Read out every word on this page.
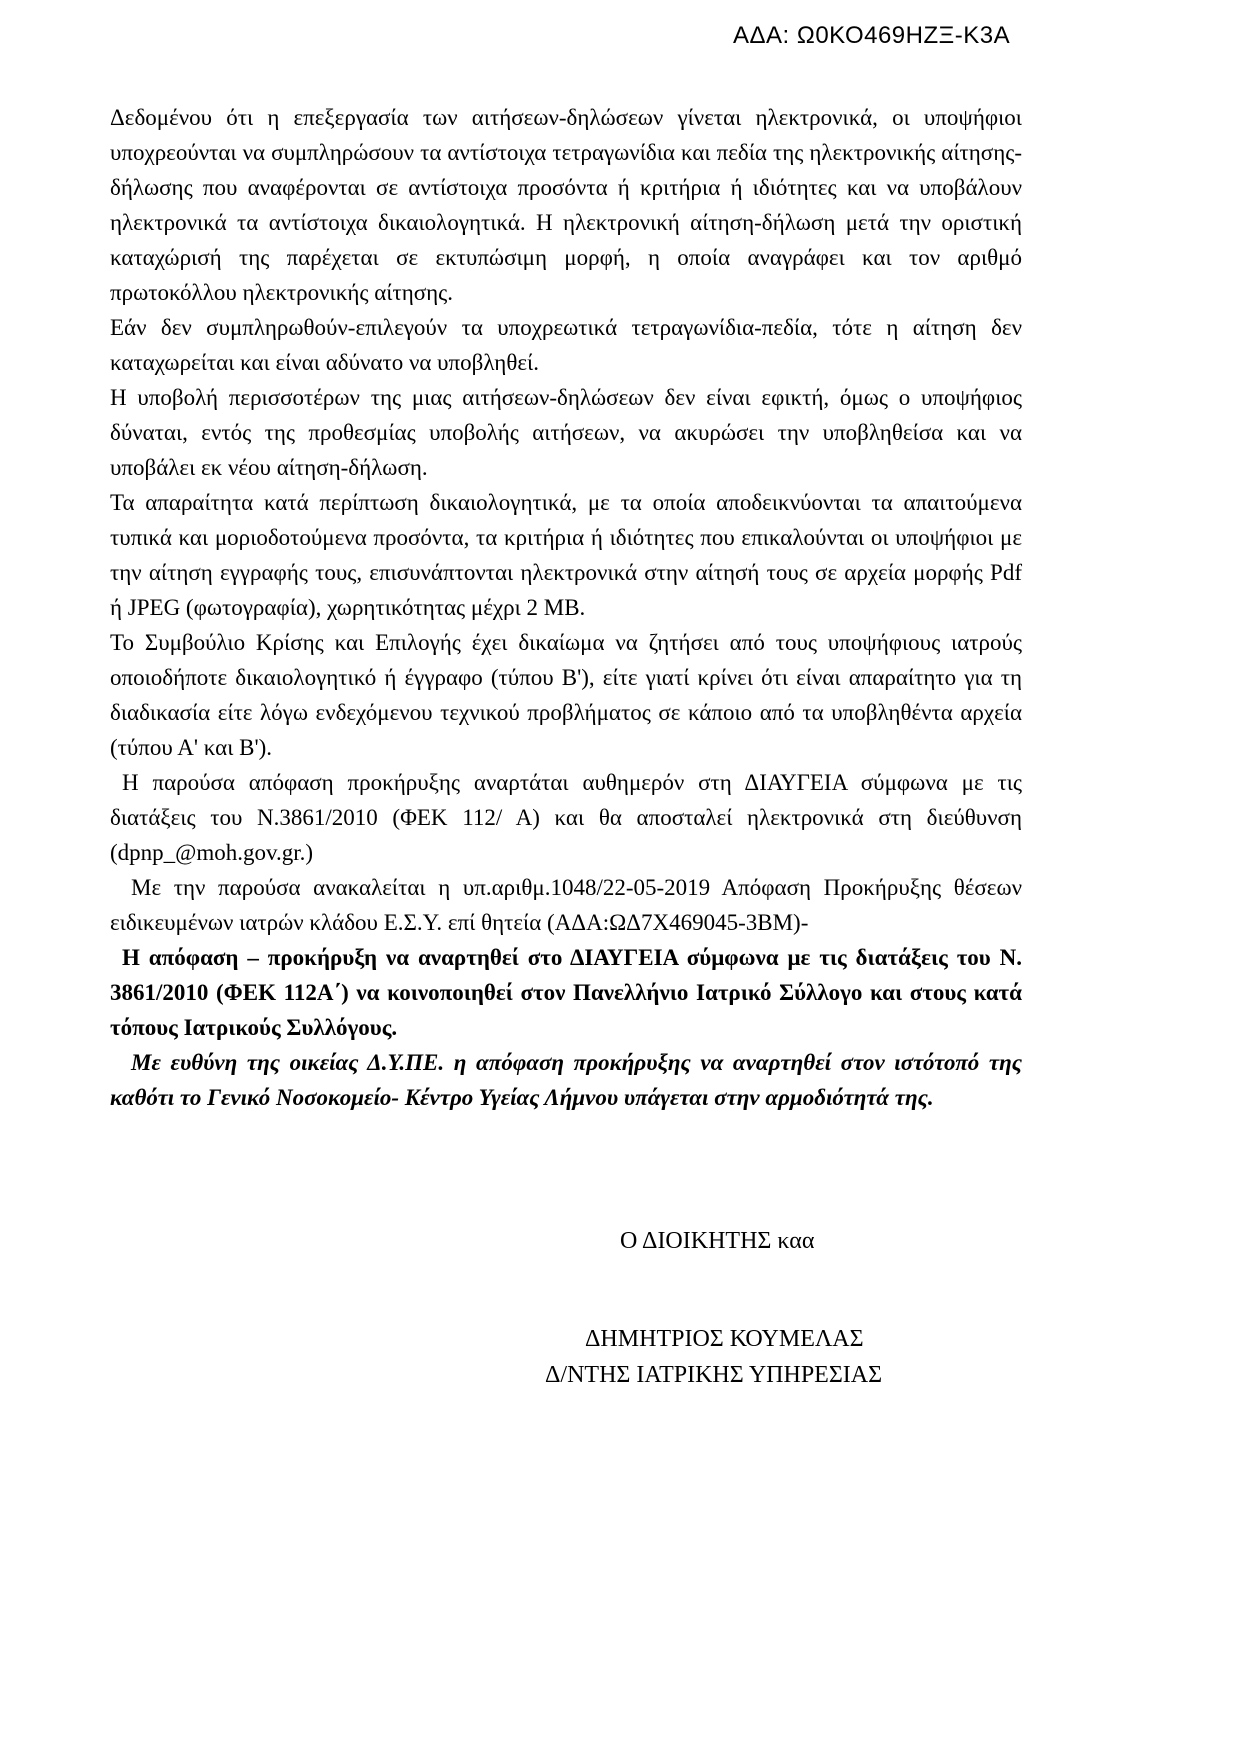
ΑΔΑ: Ω0ΚΟ469ΗΖΞ-Κ3Α

Δεδομένου ότι η επεξεργασία των αιτήσεων-δηλώσεων γίνεται ηλεκτρονικά, οι υποψήφιοι υποχρεούνται να συμπληρώσουν τα αντίστοιχα τετραγωνίδια και πεδία της ηλεκτρονικής αίτησης-δήλωσης που αναφέρονται σε αντίστοιχα προσόντα ή κριτήρια ή ιδιότητες και να υποβάλουν ηλεκτρονικά τα αντίστοιχα δικαιολογητικά. Η ηλεκτρονική αίτηση-δήλωση μετά την οριστική καταχώρισή της παρέχεται σε εκτυπώσιμη μορφή, η οποία αναγράφει και τον αριθμό πρωτοκόλλου ηλεκτρονικής αίτησης.

Εάν δεν συμπληρωθούν-επιλεγούν τα υποχρεωτικά τετραγωνίδια-πεδία, τότε η αίτηση δεν καταχωρείται και είναι αδύνατο να υποβληθεί.

Η υποβολή περισσοτέρων της μιας αιτήσεων-δηλώσεων δεν είναι εφικτή, όμως ο υποψήφιος δύναται, εντός της προθεσμίας υποβολής αιτήσεων, να ακυρώσει την υποβληθείσα και να υποβάλει εκ νέου αίτηση-δήλωση.

Τα απαραίτητα κατά περίπτωση δικαιολογητικά, με τα οποία αποδεικνύονται τα απαιτούμενα τυπικά και μοριοδοτούμενα προσόντα, τα κριτήρια ή ιδιότητες που επικαλούνται οι υποψήφιοι με την αίτηση εγγραφής τους, επισυνάπτονται ηλεκτρονικά στην αίτησή τους σε αρχεία μορφής Pdf ή JPEG (φωτογραφία), χωρητικότητας μέχρι 2 ΜΒ.

Το Συμβούλιο Κρίσης και Επιλογής έχει δικαίωμα να ζητήσει από τους υποψήφιους ιατρούς οποιοδήποτε δικαιολογητικό ή έγγραφο (τύπου Β'), είτε γιατί κρίνει ότι είναι απαραίτητο για τη διαδικασία είτε λόγω ενδεχόμενου τεχνικού προβλήματος σε κάποιο από τα υποβληθέντα αρχεία (τύπου Α' και Β').

Η παρούσα απόφαση προκήρυξης αναρτάται αυθημερόν στη ΔΙΑΥΓΕΙΑ σύμφωνα με τις διατάξεις του Ν.3861/2010 (ΦΕΚ 112/ Α) και θα αποσταλεί ηλεκτρονικά στη διεύθυνση (dpnp_@moh.gov.gr.)

Με την παρούσα ανακαλείται η υπ.αριθμ.1048/22-05-2019 Απόφαση Προκήρυξης θέσεων ειδικευμένων ιατρών κλάδου Ε.Σ.Υ. επί θητεία (ΑΔΑ:ΩΔ7Χ469045-3ΒΜ)-

Η απόφαση – προκήρυξη να αναρτηθεί στο ΔΙΑΥΓΕΙΑ σύμφωνα με τις διατάξεις του Ν. 3861/2010 (ΦΕΚ 112Α΄) να κοινοποιηθεί στον Πανελλήνιο Ιατρικό Σύλλογο και στους κατά τόπους Ιατρικούς Συλλόγους.

Με ευθύνη της οικείας Δ.Υ.ΠΕ. η απόφαση προκήρυξης να αναρτηθεί στον ιστότοπό της καθότι το Γενικό Νοσοκομείο- Κέντρο Υγείας Λήμνου υπάγεται στην αρμοδιότητά της.

Ο ΔΙΟΙΚΗΤΗΣ καα
ΔΗΜΗΤΡΙΟΣ ΚΟΥΜΕΛΑΣ
Δ/ΝΤΗΣ ΙΑΤΡΙΚΗΣ ΥΠΗΡΕΣΙΑΣ
